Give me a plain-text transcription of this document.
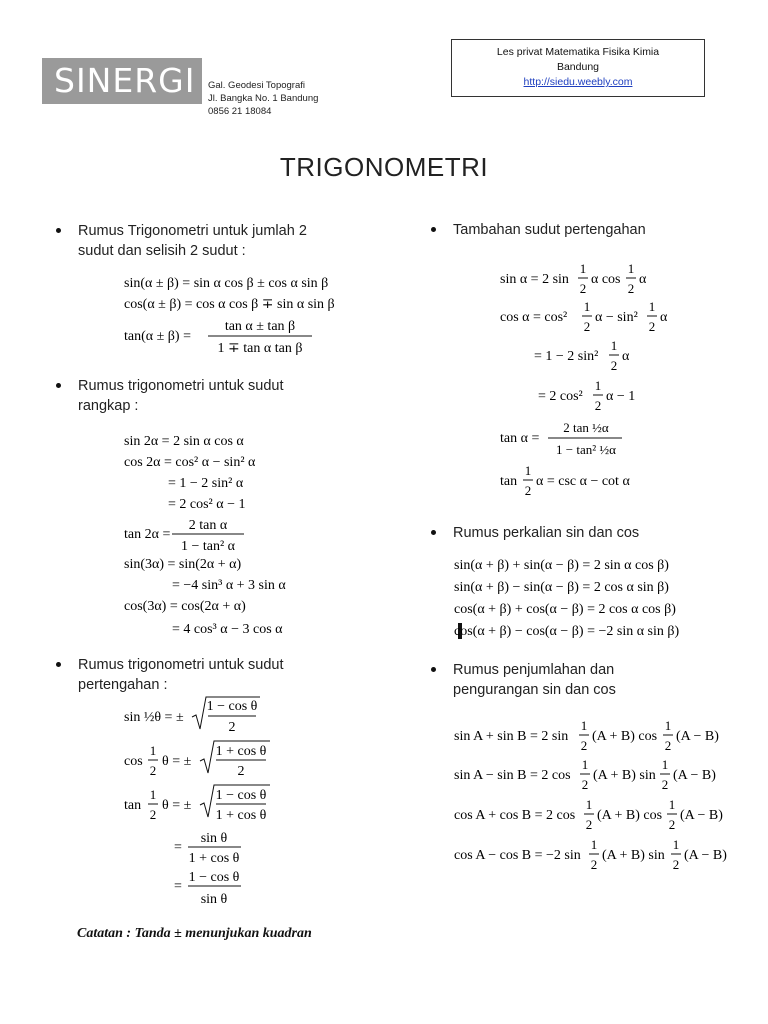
SINERGI	Gal. Geodesi Topografi
Jl. Bangka No. 1 Bandung
0856 21 18084
Les privat Matematika Fisika Kimia
Bandung
http://siedu.weebly.com
TRIGONOMETRI
Rumus Trigonometri untuk jumlah 2
sudut dan selisih 2 sudut :
sin(α ± β) = sin α cos β ± cos α sin β
cos(α ± β) = cos α cos β ∓ sin α sin β
tan(α ± β) =
tan α ± tan β
1 ∓ tan α tan β
Rumus trigonometri untuk sudut
rangkap :
sin 2α = 2 sin α cos α
cos 2α = cos² α − sin² α
= 1 − 2 sin² α
= 2 cos² α − 1
tan 2α =
2 tan α
1 − tan² α
sin(3α) = sin(2α + α)
= −4 sin³ α + 3 sin α
cos(3α) = cos(2α + α)
= 4 cos³ α − 3 cos α
Rumus trigonometri untuk sudut
pertengahan :
sin ½θ = ±
1 − cos θ
2
cos
1
2
θ = ±
1 + cos θ
2
tan
1
2
θ = ±
1 − cos θ
1 + cos θ
=
sin θ
1 + cos θ
=
1 − cos θ
sin θ
Catatan : Tanda ± menunjukan kuadran
Tambahan sudut pertengahan
sin α = 2 sin
1
2
α cos
1
2
α
cos α = cos²
1
2
α − sin²
1
2
α
= 1 − 2 sin²
1
2
α
= 2 cos²
1
2
α − 1
tan α =
2 tan ½α
1 − tan² ½α
tan
1
2
α = csc α − cot α
Rumus perkalian sin dan cos
sin(α + β) + sin(α − β) = 2 sin α cos β)
sin(α + β) − sin(α − β) = 2 cos α sin β)
cos(α + β) + cos(α − β) = 2 cos α cos β)
cos(α + β) − cos(α − β) = −2 sin α sin β)
Rumus penjumlahan dan
pengurangan sin dan cos
sin A + sin B = 2 sin
1
2
(A + B) cos
1
2
(A − B)
sin A − sin B = 2 cos
1
2
(A + B) sin
1
2
(A − B)
cos A + cos B = 2 cos
1
2
(A + B) cos
1
2
(A − B)
cos A − cos B = −2 sin
1
2
(A + B) sin
1
2
(A − B)
